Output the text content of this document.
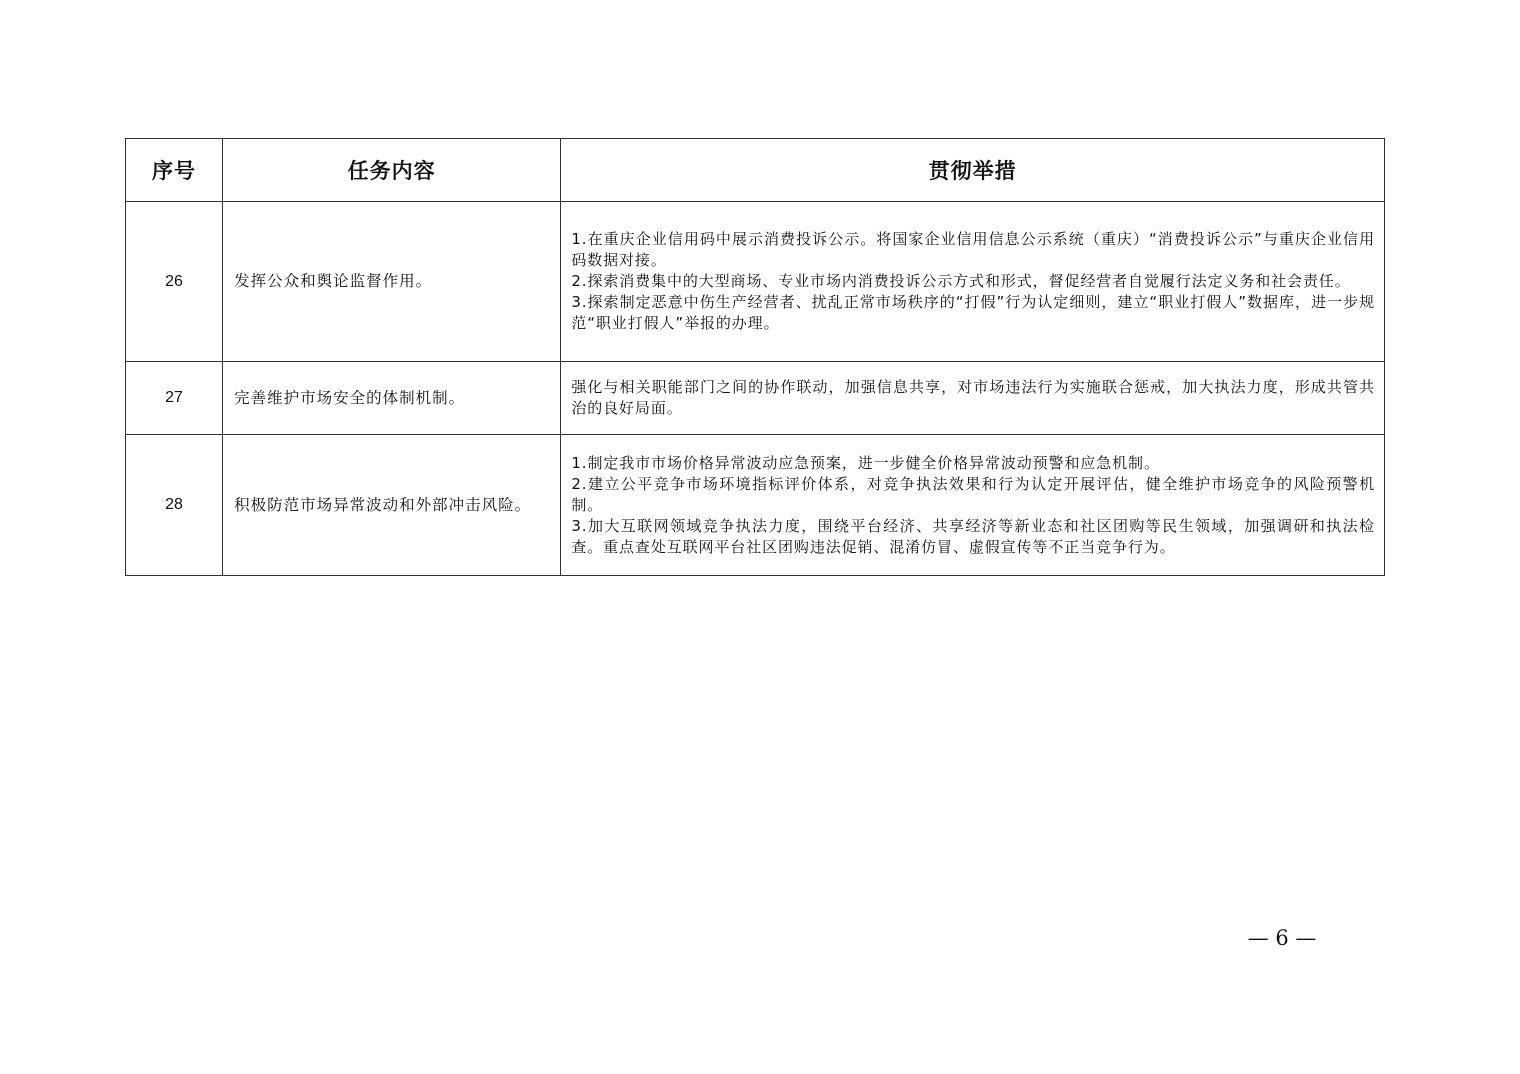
序号	任务内容	贯彻举措
26	发挥公众和舆论监督作用。	1.在重庆企业信用码中展示消费投诉公示。将国家企业信用信息公示系统（重庆）“消费投诉公示”与重庆企业信用码数据对接。
2.探索消费集中的大型商场、专业市场内消费投诉公示方式和形式，督促经营者自觉履行法定义务和社会责任。
3.探索制定恶意中伤生产经营者、扰乱正常市场秩序的“打假”行为认定细则，建立“职业打假人”数据库，进一步规范“职业打假人”举报的办理。

27	完善维护市场安全的体制机制。	强化与相关职能部门之间的协作联动，加强信息共享，对市场违法行为实施联合惩戒，加大执法力度，形成共管共治的良好局面。

28	积极防范市场异常波动和外部冲击风险。	1.制定我市市场价格异常波动应急预案，进一步健全价格异常波动预警和应急机制。
2.建立公平竞争市场环境指标评价体系，对竞争执法效果和行为认定开展评估，健全维护市场竞争的风险预警机制。
3.加大互联网领域竞争执法力度，围绕平台经济、共享经济等新业态和社区团购等民生领域，加强调研和执法检查。重点查处互联网平台社区团购违法促销、混淆仿冒、虚假宣传等不正当竞争行为。
— 6 —
